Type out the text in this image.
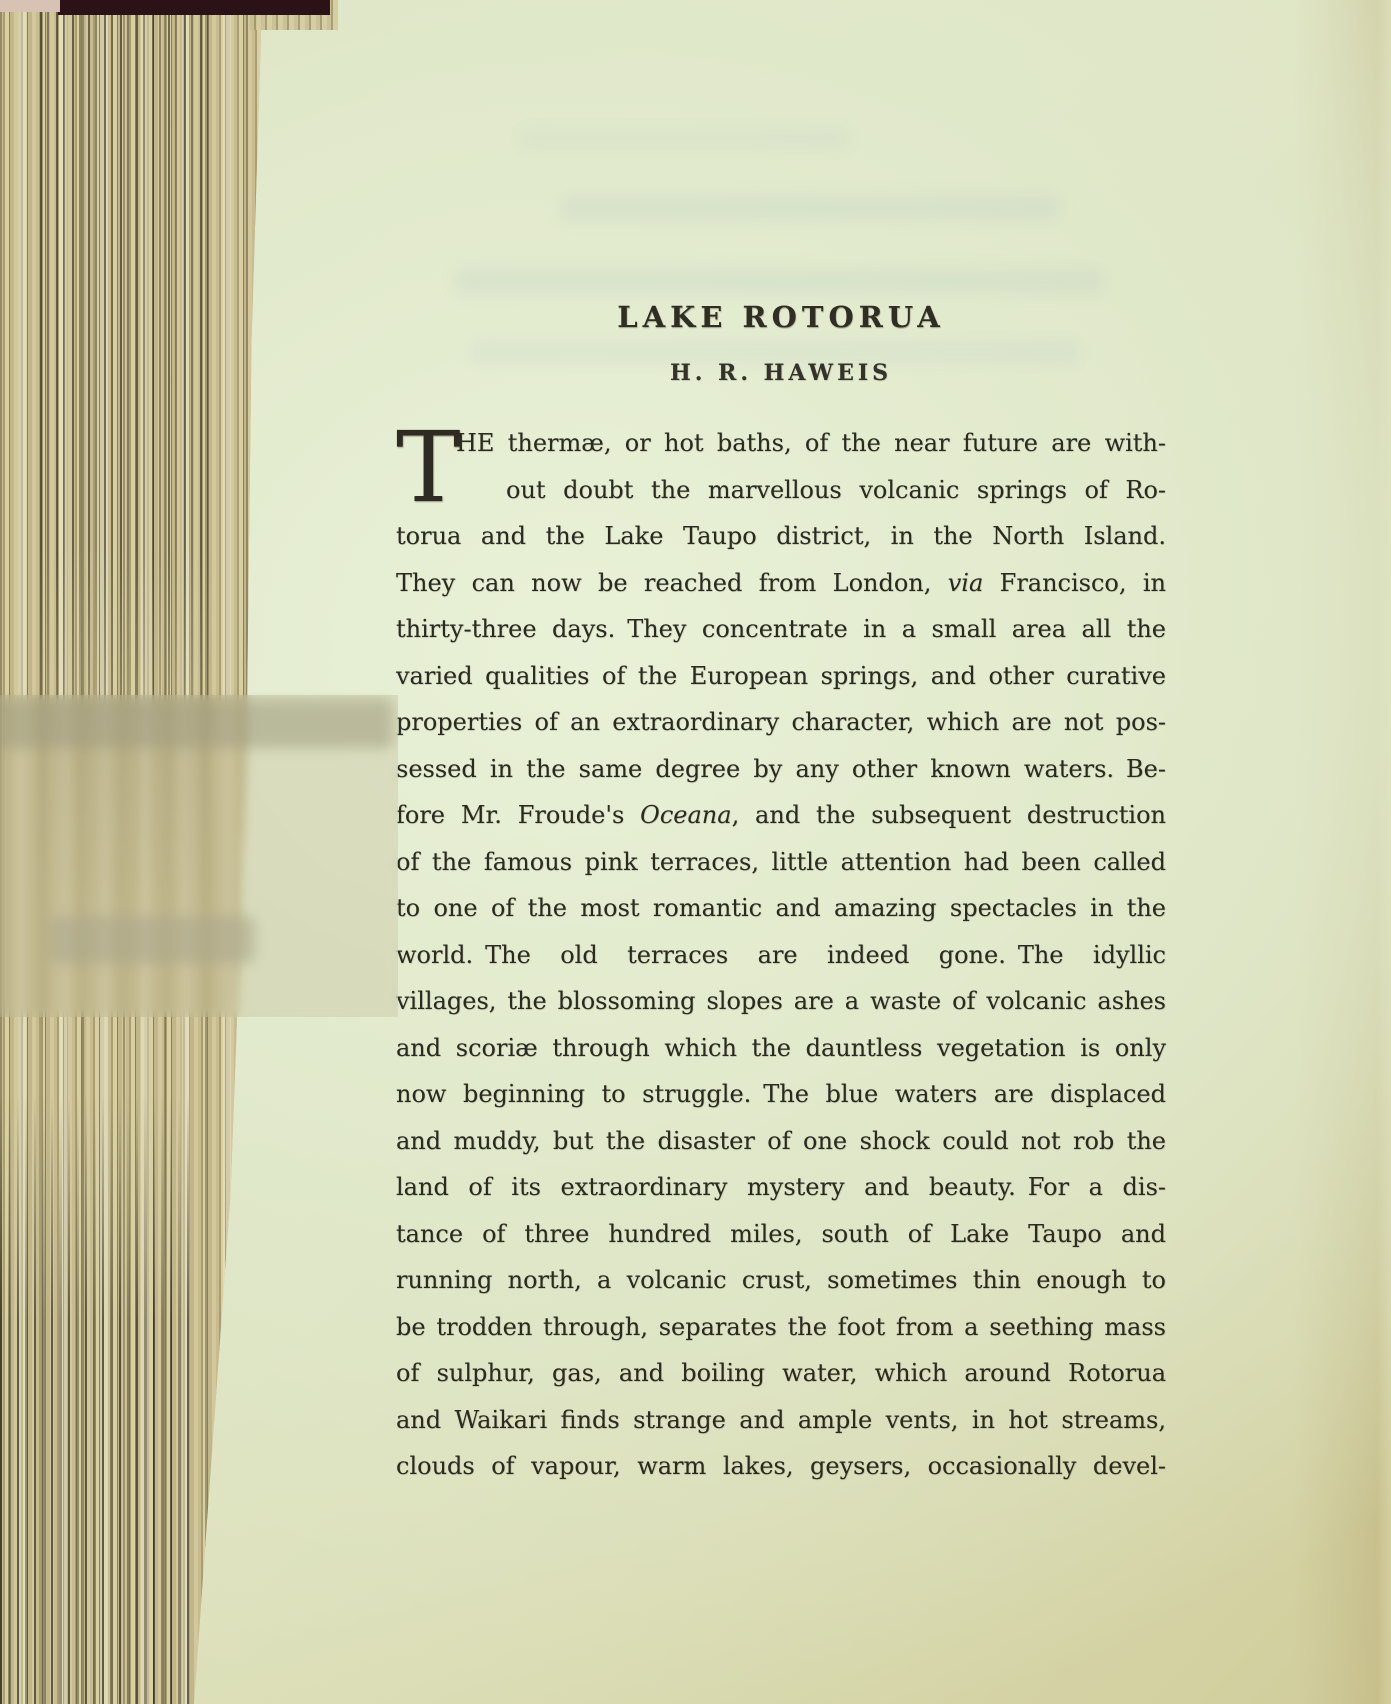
LAKE ROTORUA
H. R. HAWEIS
T
HE thermæ, or hot baths, of the near future are with-
out doubt the marvellous volcanic springs of Ro-
torua and the Lake Taupo district, in the North Island.
They can now be reached from London, via Francisco, in
thirty-three days. They concentrate in a small area all the
varied qualities of the European springs, and other curative
properties of an extraordinary character, which are not pos-
sessed in the same degree by any other known waters. Be-
fore Mr. Froude's Oceana, and the subsequent destruction
of the famous pink terraces, little attention had been called
to one of the most romantic and amazing spectacles in the
world. The old terraces are indeed gone. The idyllic
villages, the blossoming slopes are a waste of volcanic ashes
and scoriæ through which the dauntless vegetation is only
now beginning to struggle. The blue waters are displaced
and muddy, but the disaster of one shock could not rob the
land of its extraordinary mystery and beauty. For a dis-
tance of three hundred miles, south of Lake Taupo and
running north, a volcanic crust, sometimes thin enough to
be trodden through, separates the foot from a seething mass
of sulphur, gas, and boiling water, which around Rotorua
and Waikari finds strange and ample vents, in hot streams,
clouds of vapour, warm lakes, geysers, occasionally devel-
